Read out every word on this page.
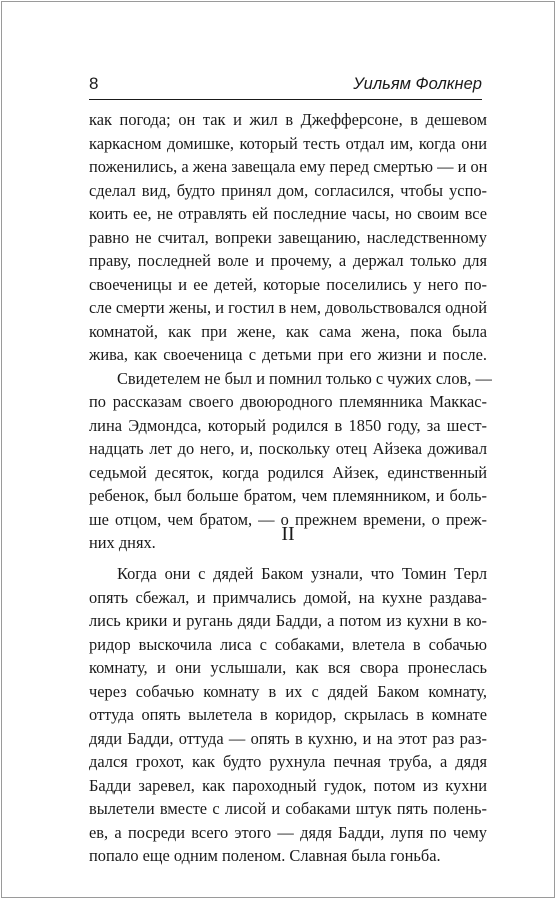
8	Уильям Фолкнер
как погода; он так и жил в Джефферсоне, в дешевом
каркасном домишке, который тесть отдал им, когда они
поженились, а жена завещала ему перед смертью — и он
сделал вид, будто принял дом, согласился, чтобы успо-
коить ее, не отравлять ей последние часы, но своим все
равно не считал, вопреки завещанию, наследственному
праву, последней воле и прочему, а держал только для
своеченицы и ее детей, которые поселились у него по-
сле смерти жены, и гостил в нем, довольствовался одной
комнатой, как при жене, как сама жена, пока была
жива, как своеченица с детьми при его жизни и после.
Свидетелем не был и помнил только с чужих слов, —
по рассказам своего двоюродного племянника Маккас-
лина Эдмондса, который родился в 1850 году, за шест-
надцать лет до него, и, поскольку отец Айзека доживал
седьмой десяток, когда родился Айзек, единственный
ребенок, был больше братом, чем племянником, и боль-
ше отцом, чем братом, — о прежнем времени, о преж-
них днях.	II
Когда они с дядей Баком узнали, что Томин Терл
опять сбежал, и примчались домой, на кухне раздава-
лись крики и ругань дяди Бадди, а потом из кухни в ко-
ридор выскочила лиса с собаками, влетела в собачью
комнату, и они услышали, как вся свора пронеслась
через собачью комнату в их с дядей Баком комнату,
оттуда опять вылетела в коридор, скрылась в комнате
дяди Бадди, оттуда — опять в кухню, и на этот раз раз-
дался грохот, как будто рухнула печная труба, а дядя
Бадди заревел, как пароходный гудок, потом из кухни
вылетели вместе с лисой и собаками штук пять полень-
ев, а посреди всего этого — дядя Бадди, лупя по чему
попало еще одним поленом. Славная была гоньба.
